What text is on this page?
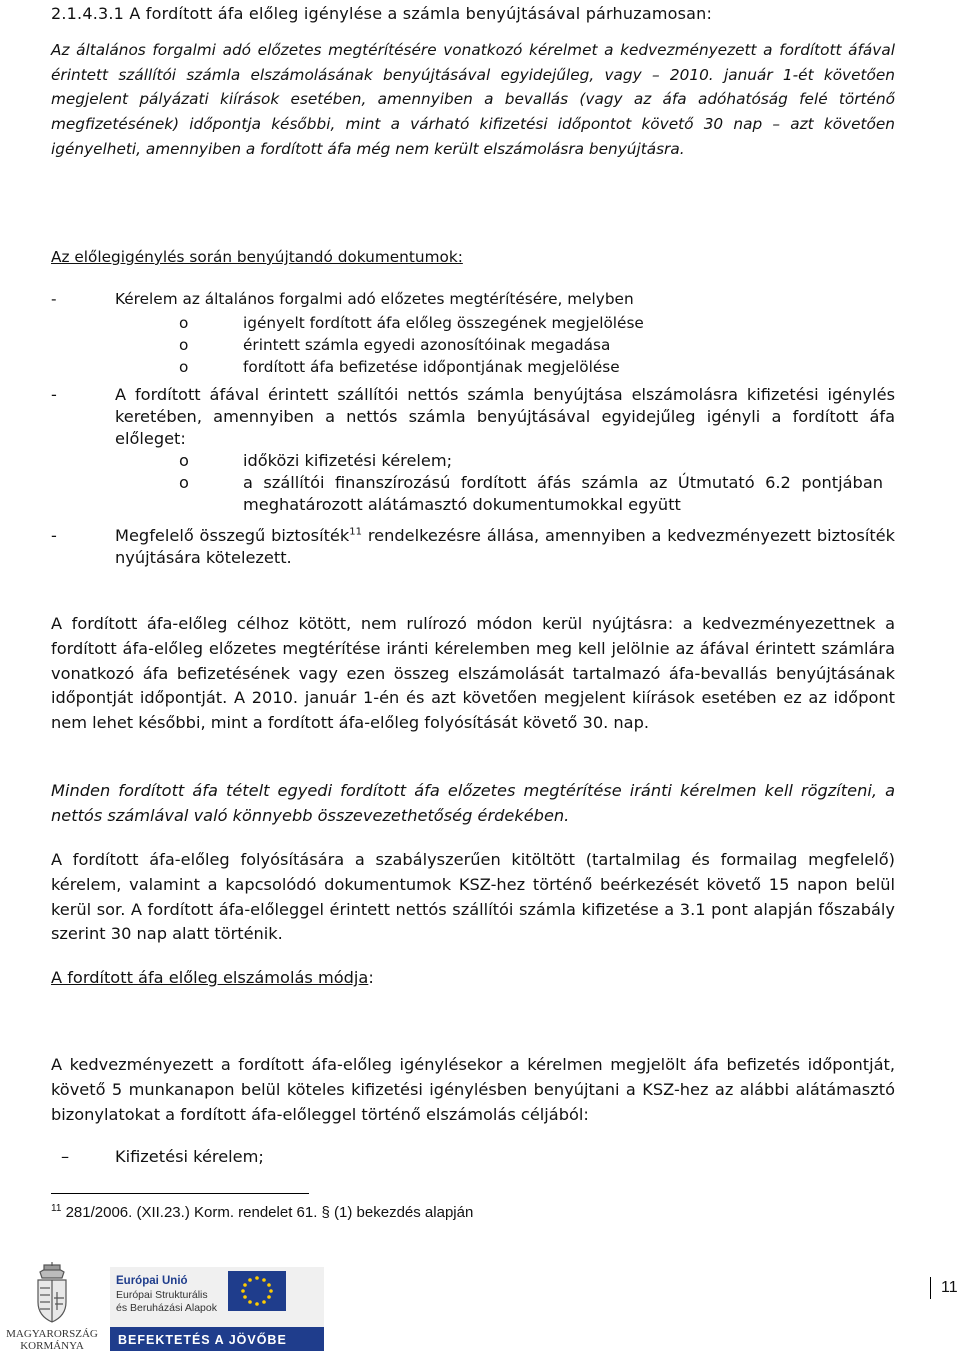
2.1.4.3.1 A fordított áfa előleg igénylése a számla benyújtásával párhuzamosan:

Az általános forgalmi adó előzetes megtérítésére vonatkozó kérelmet a kedvezményezett a fordított áfával érintett szállítói számla elszámolásának benyújtásával egyidejűleg, vagy – 2010. január 1-ét követően megjelent pályázati kiírások esetében, amennyiben a bevallás (vagy az áfa adóhatóság felé történő megfizetésének) időpontja későbbi, mint a várható kifizetési időpontot követő 30 nap – azt követően igényelheti, amennyiben a fordított áfa még nem került elszámolásra benyújtásra.

Az előlegigénylés során benyújtandó dokumentumok:
-	Kérelem az általános forgalmi adó előzetes megtérítésére, melyben
o	igényelt fordított áfa előleg összegének megjelölése
o	érintett számla egyedi azonosítóinak megadása
o	fordított áfa befizetése időpontjának megjelölése
-	A fordított áfával érintett szállítói nettós számla benyújtása elszámolásra kifizetési igénylés keretében, amennyiben a nettós számla benyújtásával egyidejűleg igényli a fordított áfa előleget:
o	időközi kifizetési kérelem;
o	a szállítói finanszírozású fordított áfás számla az Útmutató 6.2 pontjában meghatározott alátámasztó dokumentumokkal együtt
-	Megfelelő összegű biztosíték$^{11}$ rendelkezésre állása, amennyiben a kedvezményezett biztosíték nyújtására kötelezett.

A fordított áfa-előleg célhoz kötött, nem rulírozó módon kerül nyújtásra: a kedvezményezettnek a fordított áfa-előleg előzetes megtérítése iránti kérelemben meg kell jelölnie az áfával érintett számlára vonatkozó áfa befizetésének vagy ezen összeg elszámolását tartalmazó áfa-bevallás benyújtásának időpontját időpontját. A 2010. január 1-én és azt követően megjelent kiírások esetében ez az időpont nem lehet későbbi, mint a fordított áfa-előleg folyósítását követő 30. nap.

Minden fordított áfa tételt egyedi fordított áfa előzetes megtérítése iránti kérelmen kell rögzíteni, a nettós számlával való könnyebb összevezethetőség érdekében.

A fordított áfa-előleg folyósítására a szabályszerűen kitöltött (tartalmilag és formailag megfelelő) kérelem, valamint a kapcsolódó dokumentumok KSZ-hez történő beérkezését követő 15 napon belül kerül sor. A fordított áfa-előleggel érintett nettós szállítói számla kifizetése a 3.1 pont alapján főszabály szerint 30 nap alatt történik.

A fordított áfa előleg elszámolás módja:

A kedvezményezett a fordított áfa-előleg igénylésekor a kérelmen megjelölt áfa befizetés időpontját, követő 5 munkanapon belül köteles kifizetési igénylésben benyújtani a KSZ-hez az alábbi alátámasztó bizonylatokat a fordított áfa-előleggel történő elszámolás céljából:

–	Kifizetési kérelem;
$^{11}$ 281/2006. (XII.23.) Korm. rendelet 61. § (1) bekezdés alapján
MAGYARORSZÁG
KORMÁNYA
Európai Unió
Európai Strukturális
és Beruházási Alapok
BEFEKTETÉS A JÖVŐBE
11
